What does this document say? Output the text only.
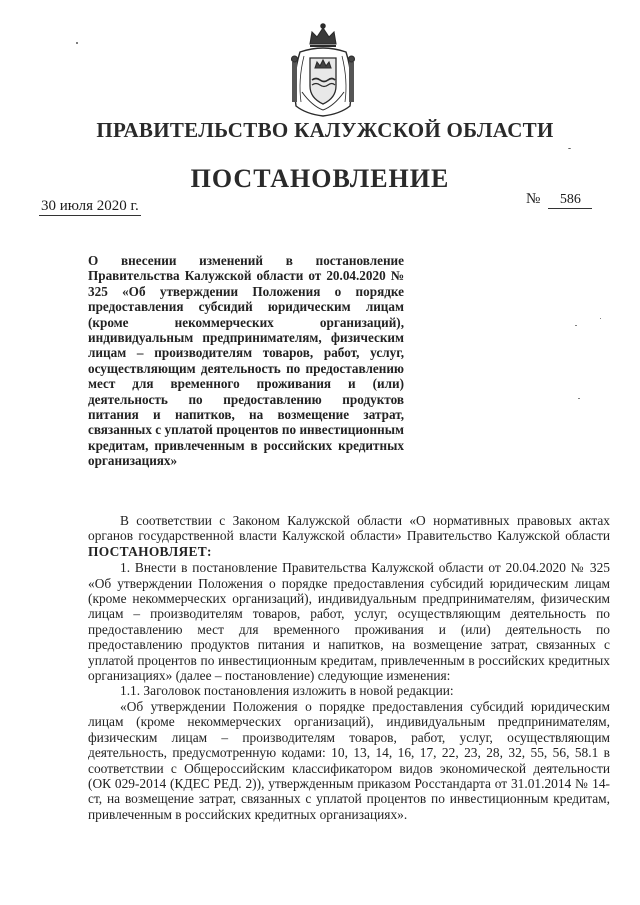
ПРАВИТЕЛЬСТВО КАЛУЖСКОЙ ОБЛАСТИ
ПОСТАНОВЛЕНИЕ
30 июля 2020 г.	№ 586
О внесении изменений в постановление Правительства Калужской области от 20.04.2020 № 325 «Об утверждении Положения о порядке предоставления субсидий юридическим лицам (кроме некоммерческих организаций), индивидуальным предпринимателям, физическим лицам – производителям товаров, работ, услуг, осуществляющим деятельность по предоставлению мест для временного проживания и (или) деятельность по предоставлению продуктов питания и напитков, на возмещение затрат, связанных с уплатой процентов по инвестиционным кредитам, привлеченным в российских кредитных организациях»

В соответствии с Законом Калужской области «О нормативных правовых актах органов государственной власти Калужской области» Правительство Калужской области ПОСТАНОВЛЯЕТ:

1. Внести в постановление Правительства Калужской области от 20.04.2020 № 325 «Об утверждении Положения о порядке предоставления субсидий юридическим лицам (кроме некоммерческих организаций), индивидуальным предпринимателям, физическим лицам – производителям товаров, работ, услуг, осуществляющим деятельность по предоставлению мест для временного проживания и (или) деятельность по предоставлению продуктов питания и напитков, на возмещение затрат, связанных с уплатой процентов по инвестиционным кредитам, привлеченным в российских кредитных организациях» (далее – постановление) следующие изменения:

1.1. Заголовок постановления изложить в новой редакции:

«Об утверждении Положения о порядке предоставления субсидий юридическим лицам (кроме некоммерческих организаций), индивидуальным предпринимателям, физическим лицам – производителям товаров, работ, услуг, осуществляющим деятельность, предусмотренную кодами: 10, 13, 14, 16, 17, 22, 23, 28, 32, 55, 56, 58.1 в соответствии с Общероссийским классификатором видов экономической деятельности (ОК 029-2014 (КДЕС РЕД. 2)), утвержденным приказом Росстандарта от 31.01.2014 № 14-ст, на возмещение затрат, связанных с уплатой процентов по инвестиционным кредитам, привлеченным в российских кредитных организациях».
